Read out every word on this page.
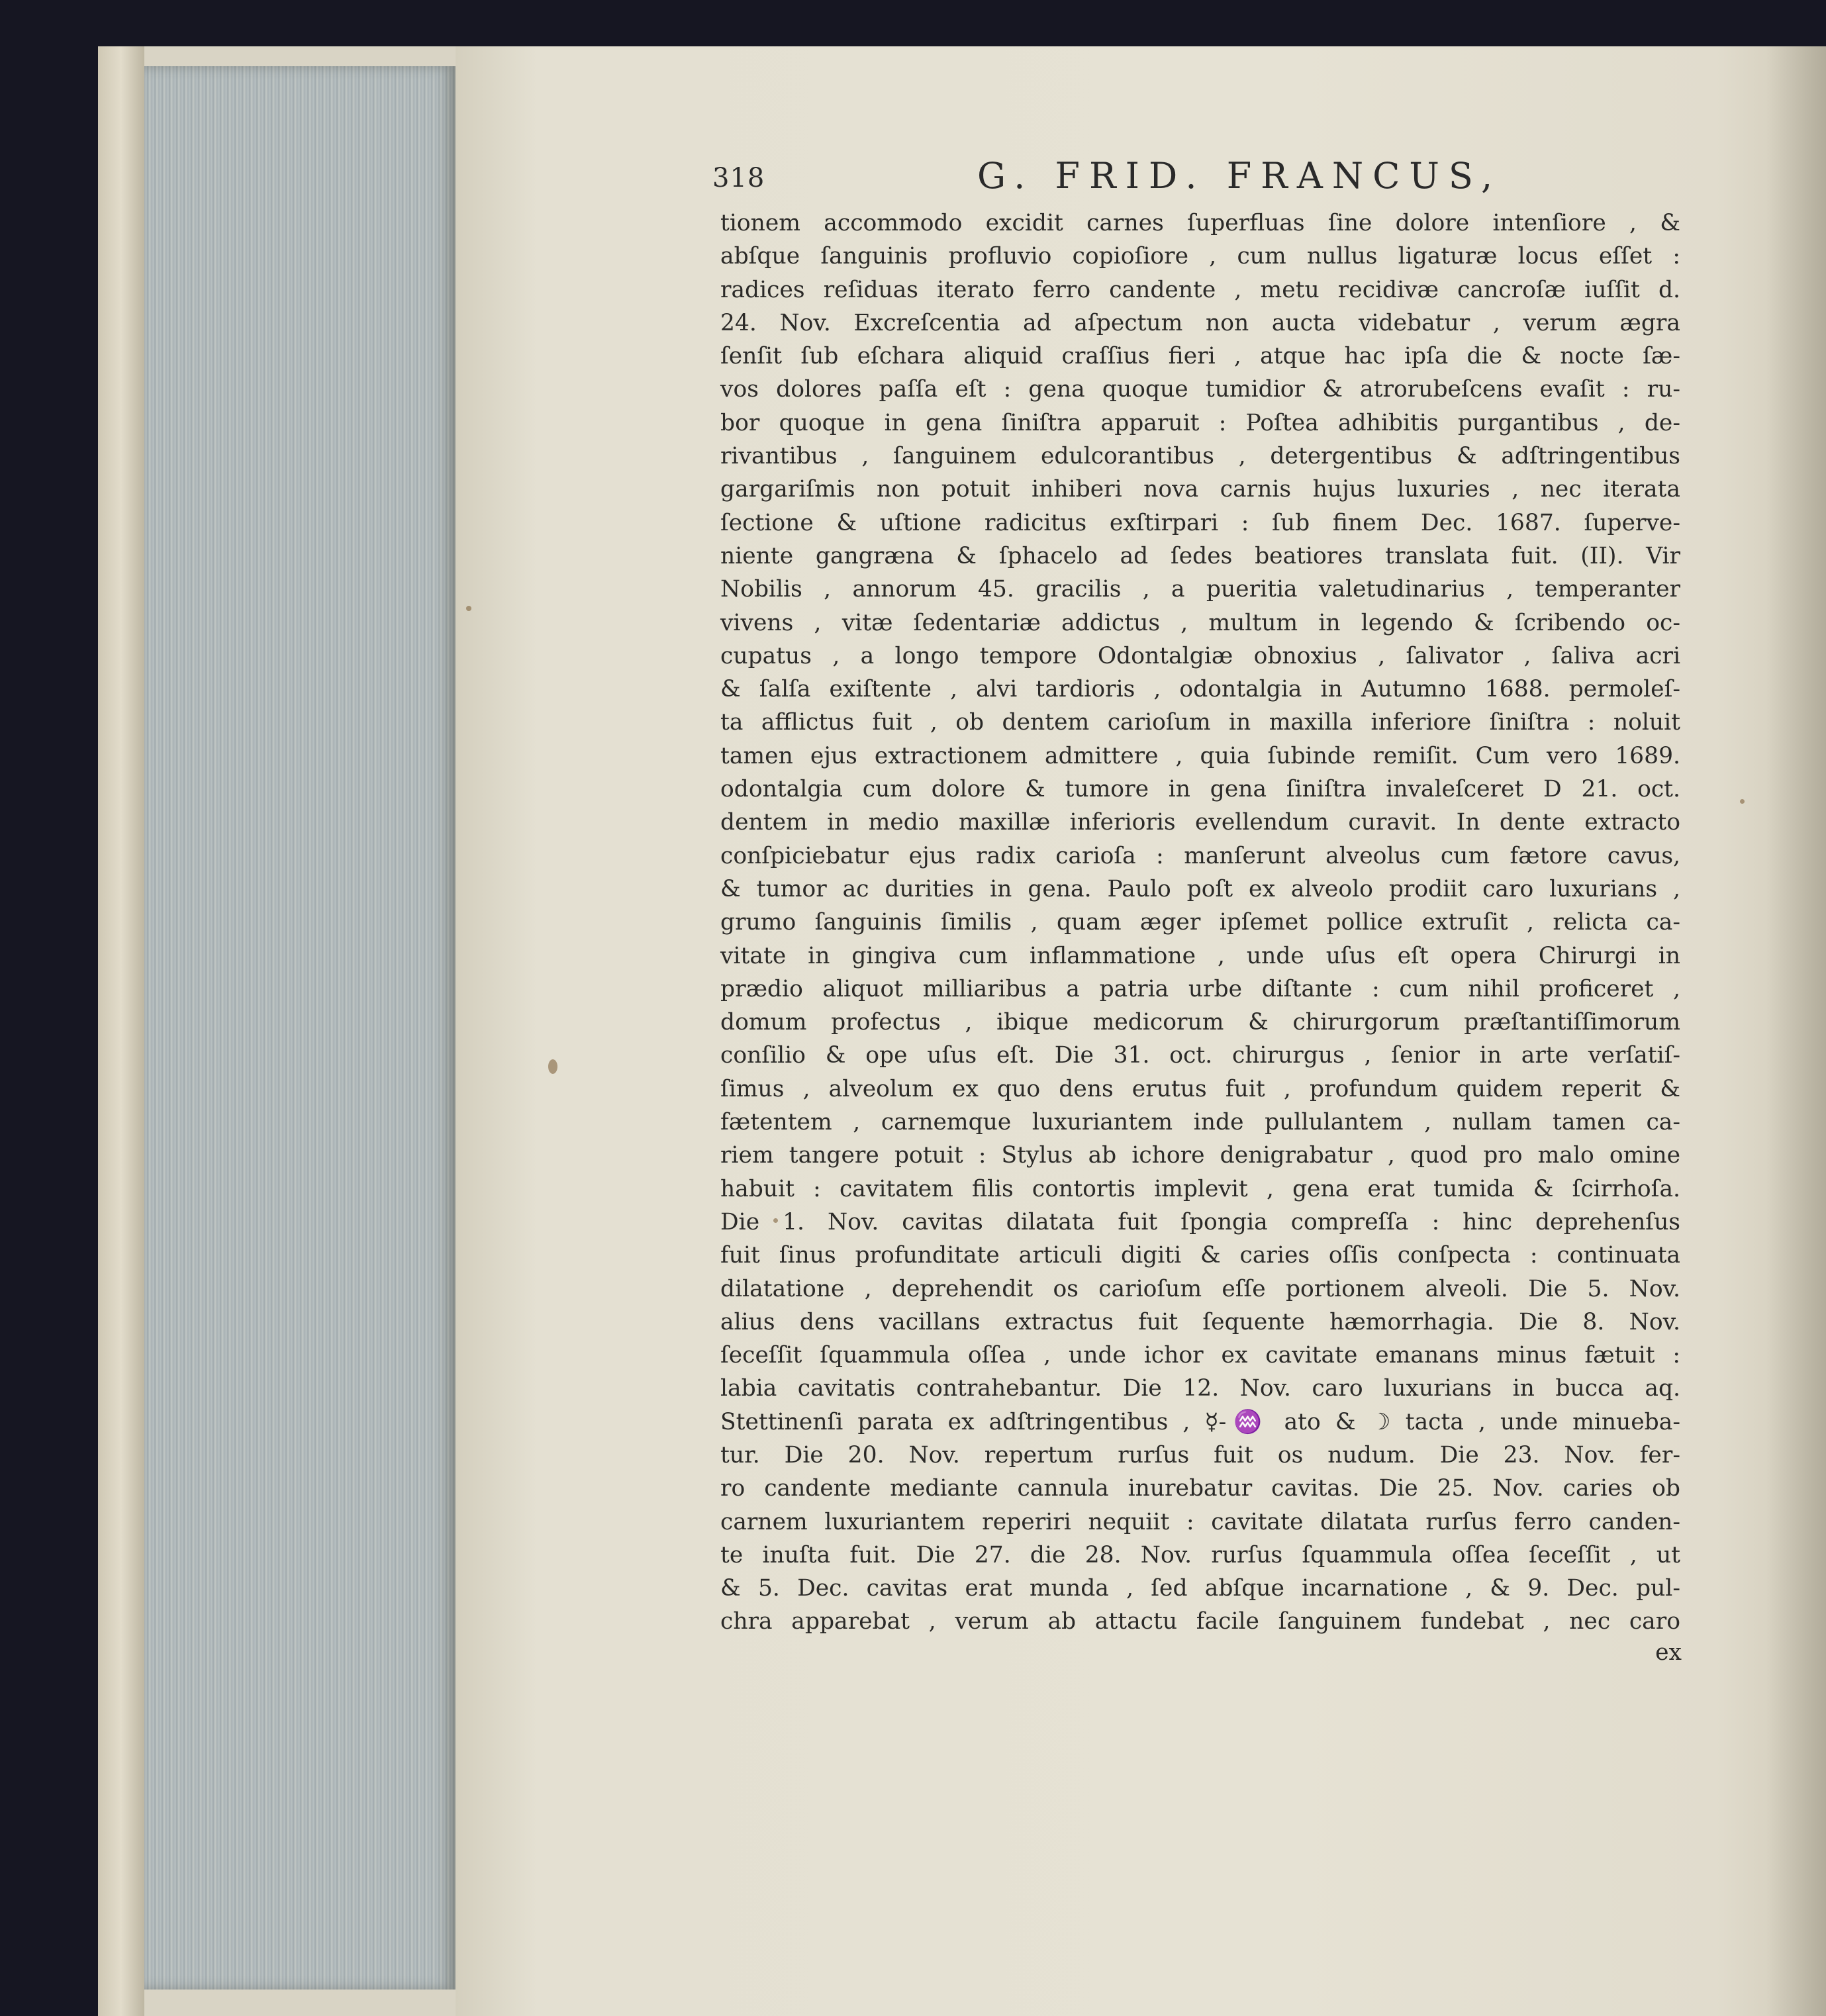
318	G. FRID. FRANCUS,
tionem accommodo excidit carnes ſuperfluas ſine dolore intenſiore , &
abſque ſanguinis profluvio copioſiore , cum nullus ligaturæ locus eſſet :
radices reſiduas iterato ferro candente , metu recidivæ cancroſæ iuſſit d.
24. Nov. Excreſcentia ad aſpectum non aucta videbatur , verum ægra
ſenſit ſub eſchara aliquid craſſius fieri , atque hac ipſa die & nocte ſæ-
vos dolores paſſa eſt : gena quoque tumidior & atrorubeſcens evaſit : ru-
bor quoque in gena ſiniſtra apparuit : Poſtea adhibitis purgantibus , de-
rivantibus , ſanguinem edulcorantibus , detergentibus & adſtringentibus
gargariſmis non potuit inhiberi nova carnis hujus luxuries , nec iterata
ſectione & uſtione radicitus exſtirpari : ſub finem Dec. 1687. ſuperve-
niente gangræna & ſphacelo ad ſedes beatiores translata fuit. (II). Vir
Nobilis , annorum 45. gracilis , a pueritia valetudinarius , temperanter
vivens , vitæ ſedentariæ addictus , multum in legendo & ſcribendo oc-
cupatus , a longo tempore Odontalgiæ obnoxius , ſalivator , ſaliva acri
& ſalſa exiſtente , alvi tardioris , odontalgia in Autumno 1688. permoleſ-
ta afflictus fuit , ob dentem carioſum in maxilla inferiore ſiniſtra : noluit
tamen ejus extractionem admittere , quia ſubinde remiſit. Cum vero 1689.
odontalgia cum dolore & tumore in gena ſiniſtra invaleſceret D 21. oct.
dentem in medio maxillæ inferioris evellendum curavit. In dente extracto
conſpiciebatur ejus radix carioſa : manſerunt alveolus cum fætore cavus,
& tumor ac durities in gena. Paulo poſt ex alveolo prodiit caro luxurians ,
grumo ſanguinis ſimilis , quam æger ipſemet pollice extruſit , relicta ca-
vitate in gingiva cum inflammatione , unde uſus eſt opera Chirurgi in
prædio aliquot milliaribus a patria urbe diſtante : cum nihil proficeret ,
domum profectus , ibique medicorum & chirurgorum præſtantiſſimorum
conſilio & ope uſus eſt. Die 31. oct. chirurgus , ſenior in arte verſatiſ-
ſimus , alveolum ex quo dens erutus fuit , profundum quidem reperit &
fætentem , carnemque luxuriantem inde pullulantem , nullam tamen ca-
riem tangere potuit : Stylus ab ichore denigrabatur , quod pro malo omine
habuit : cavitatem filis contortis implevit , gena erat tumida & ſcirrhoſa.
Die 1. Nov. cavitas dilatata fuit ſpongia compreſſa : hinc deprehenſus
fuit ſinus profunditate articuli digiti & caries oſſis conſpecta : continuata
dilatatione , deprehendit os carioſum eſſe portionem alveoli. Die 5. Nov.
alius dens vacillans extractus fuit ſequente hæmorrhagia. Die 8. Nov.
ſeceſſit ſquammula oſſea , unde ichor ex cavitate emanans minus fætuit :
labia cavitatis contrahebantur. Die 12. Nov. caro luxurians in bucca aq.
Stettinenſi parata ex adſtringentibus , ☿-♒ ato & ☽ tacta , unde minueba-
tur. Die 20. Nov. repertum rurſus fuit os nudum. Die 23. Nov. fer-
ro candente mediante cannula inurebatur cavitas. Die 25. Nov. caries ob
carnem luxuriantem reperiri nequiit : cavitate dilatata rurſus ferro canden-
te inuſta fuit. Die 27. die 28. Nov. rurſus ſquammula oſſea ſeceſſit , ut
& 5. Dec. cavitas erat munda , ſed abſque incarnatione , & 9. Dec. pul-
chra apparebat , verum ab attactu facile ſanguinem fundebat , nec caro
ex
